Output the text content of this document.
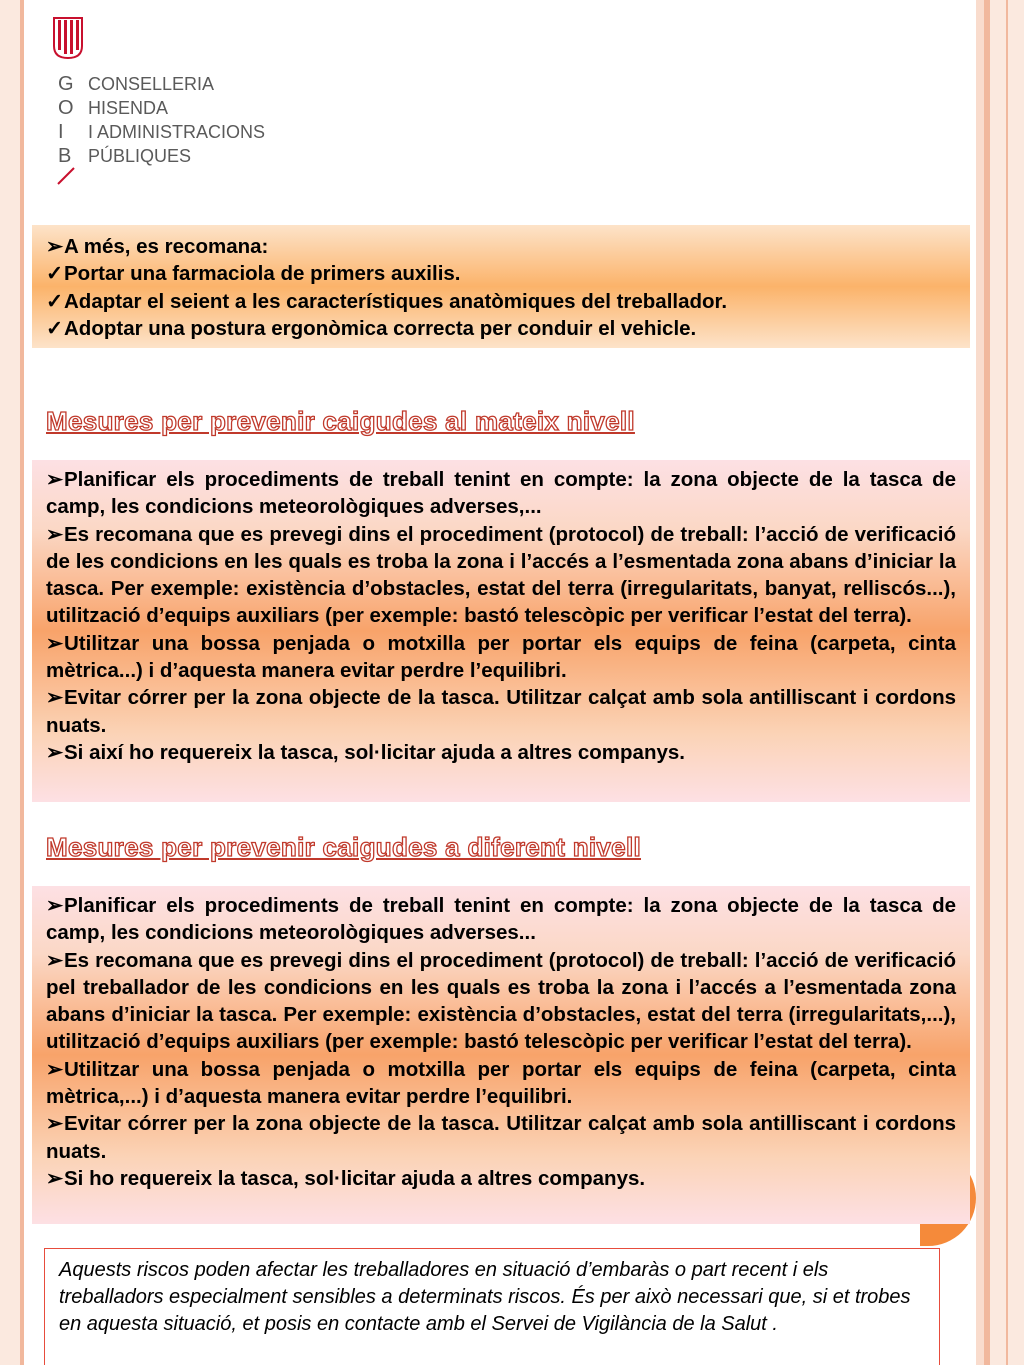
G
O
I
B
CONSELLERIA
HISENDA
I ADMINISTRACIONS
PÚBLIQUES

➢A més, es recomana:

✓Portar una farmaciola de primers auxilis.

✓Adaptar el seient a les característiques anatòmiques del treballador.

✓Adoptar una postura ergonòmica correcta per conduir el vehicle.

Mesures per prevenir caigudes al mateix nivell

➢Planificar els procediments de treball tenint en compte: la zona objecte de la tasca de camp, les condicions meteorològiques adverses,...

➢Es recomana que es prevegi dins el procediment (protocol) de treball: l’acció de verificació de les condicions en les quals es troba la zona i l’accés a l’esmentada zona abans d’iniciar la tasca. Per exemple: existència d’obstacles, estat del terra (irregularitats, banyat, relliscós...), utilització d’equips auxiliars (per exemple: bastó telescòpic per verificar l’estat del terra).

➢Utilitzar una bossa penjada o motxilla per portar els equips de feina (carpeta, cinta mètrica...) i d’aquesta manera evitar perdre l’equilibri.

➢Evitar córrer per la zona objecte de la tasca. Utilitzar calçat amb sola antilliscant i cordons nuats.

➢Si així ho requereix la tasca, sol·licitar ajuda a altres companys.

Mesures per prevenir caigudes a diferent nivell

➢Planificar els procediments de treball tenint en compte: la zona objecte de la tasca de camp, les condicions meteorològiques adverses...

➢Es recomana que es prevegi dins el procediment (protocol) de treball: l’acció de verificació pel treballador de les condicions en les quals es troba la zona i l’accés a l’esmentada zona abans d’iniciar la tasca. Per exemple: existència d’obstacles, estat del terra (irregularitats,...), utilització d’equips auxiliars (per exemple: bastó telescòpic per verificar l’estat del terra).

➢Utilitzar una bossa penjada o motxilla per portar els equips de feina (carpeta, cinta mètrica,...) i d’aquesta manera evitar perdre l’equilibri.

➢Evitar córrer per la zona objecte de la tasca. Utilitzar calçat amb sola antilliscant i cordons nuats.

➢Si ho requereix la tasca, sol·licitar ajuda a altres companys.

Aquests riscos poden afectar les treballadores en situació d’embaràs o part recent i els treballadors especialment sensibles a determinats riscos. És per això necessari que, si et trobes en aquesta situació, et posis en contacte amb el Servei de Vigilància de la Salut .
